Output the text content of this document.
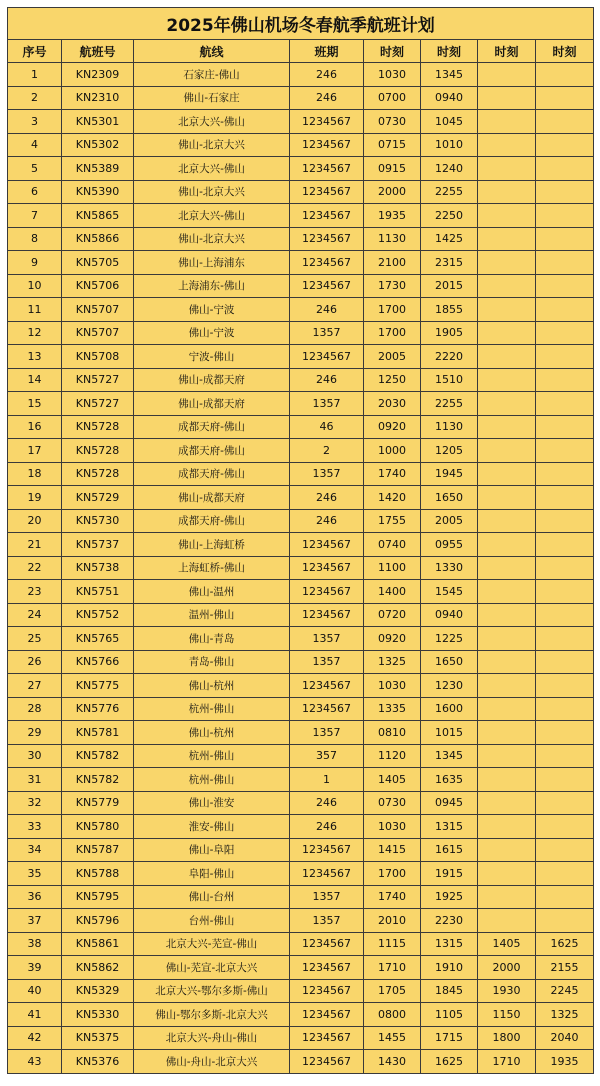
2025年佛山机场冬春航季航班计划							
序号	航班号	航线	班期	时刻	时刻	时刻	时刻
1	KN2309	石家庄-佛山	246	1030	1345		
2	KN2310	佛山-石家庄	246	0700	0940		
3	KN5301	北京大兴-佛山	1234567	0730	1045		
4	KN5302	佛山-北京大兴	1234567	0715	1010		
5	KN5389	北京大兴-佛山	1234567	0915	1240		
6	KN5390	佛山-北京大兴	1234567	2000	2255		
7	KN5865	北京大兴-佛山	1234567	1935	2250		
8	KN5866	佛山-北京大兴	1234567	1130	1425		
9	KN5705	佛山-上海浦东	1234567	2100	2315		
10	KN5706	上海浦东-佛山	1234567	1730	2015		
11	KN5707	佛山-宁波	246	1700	1855		
12	KN5707	佛山-宁波	1357	1700	1905		
13	KN5708	宁波-佛山	1234567	2005	2220		
14	KN5727	佛山-成都天府	246	1250	1510		
15	KN5727	佛山-成都天府	1357	2030	2255		
16	KN5728	成都天府-佛山	46	0920	1130		
17	KN5728	成都天府-佛山	2	1000	1205		
18	KN5728	成都天府-佛山	1357	1740	1945		
19	KN5729	佛山-成都天府	246	1420	1650		
20	KN5730	成都天府-佛山	246	1755	2005		
21	KN5737	佛山-上海虹桥	1234567	0740	0955		
22	KN5738	上海虹桥-佛山	1234567	1100	1330		
23	KN5751	佛山-温州	1234567	1400	1545		
24	KN5752	温州-佛山	1234567	0720	0940		
25	KN5765	佛山-青岛	1357	0920	1225		
26	KN5766	青岛-佛山	1357	1325	1650		
27	KN5775	佛山-杭州	1234567	1030	1230		
28	KN5776	杭州-佛山	1234567	1335	1600		
29	KN5781	佛山-杭州	1357	0810	1015		
30	KN5782	杭州-佛山	357	1120	1345		
31	KN5782	杭州-佛山	1	1405	1635		
32	KN5779	佛山-淮安	246	0730	0945		
33	KN5780	淮安-佛山	246	1030	1315		
34	KN5787	佛山-阜阳	1234567	1415	1615		
35	KN5788	阜阳-佛山	1234567	1700	1915		
36	KN5795	佛山-台州	1357	1740	1925		
37	KN5796	台州-佛山	1357	2010	2230		
38	KN5861	北京大兴-芜宣-佛山	1234567	1115	1315	1405	1625
39	KN5862	佛山-芜宣-北京大兴	1234567	1710	1910	2000	2155
40	KN5329	北京大兴-鄂尔多斯-佛山	1234567	1705	1845	1930	2245
41	KN5330	佛山-鄂尔多斯-北京大兴	1234567	0800	1105	1150	1325
42	KN5375	北京大兴-舟山-佛山	1234567	1455	1715	1800	2040
43	KN5376	佛山-舟山-北京大兴	1234567	1430	1625	1710	1935
